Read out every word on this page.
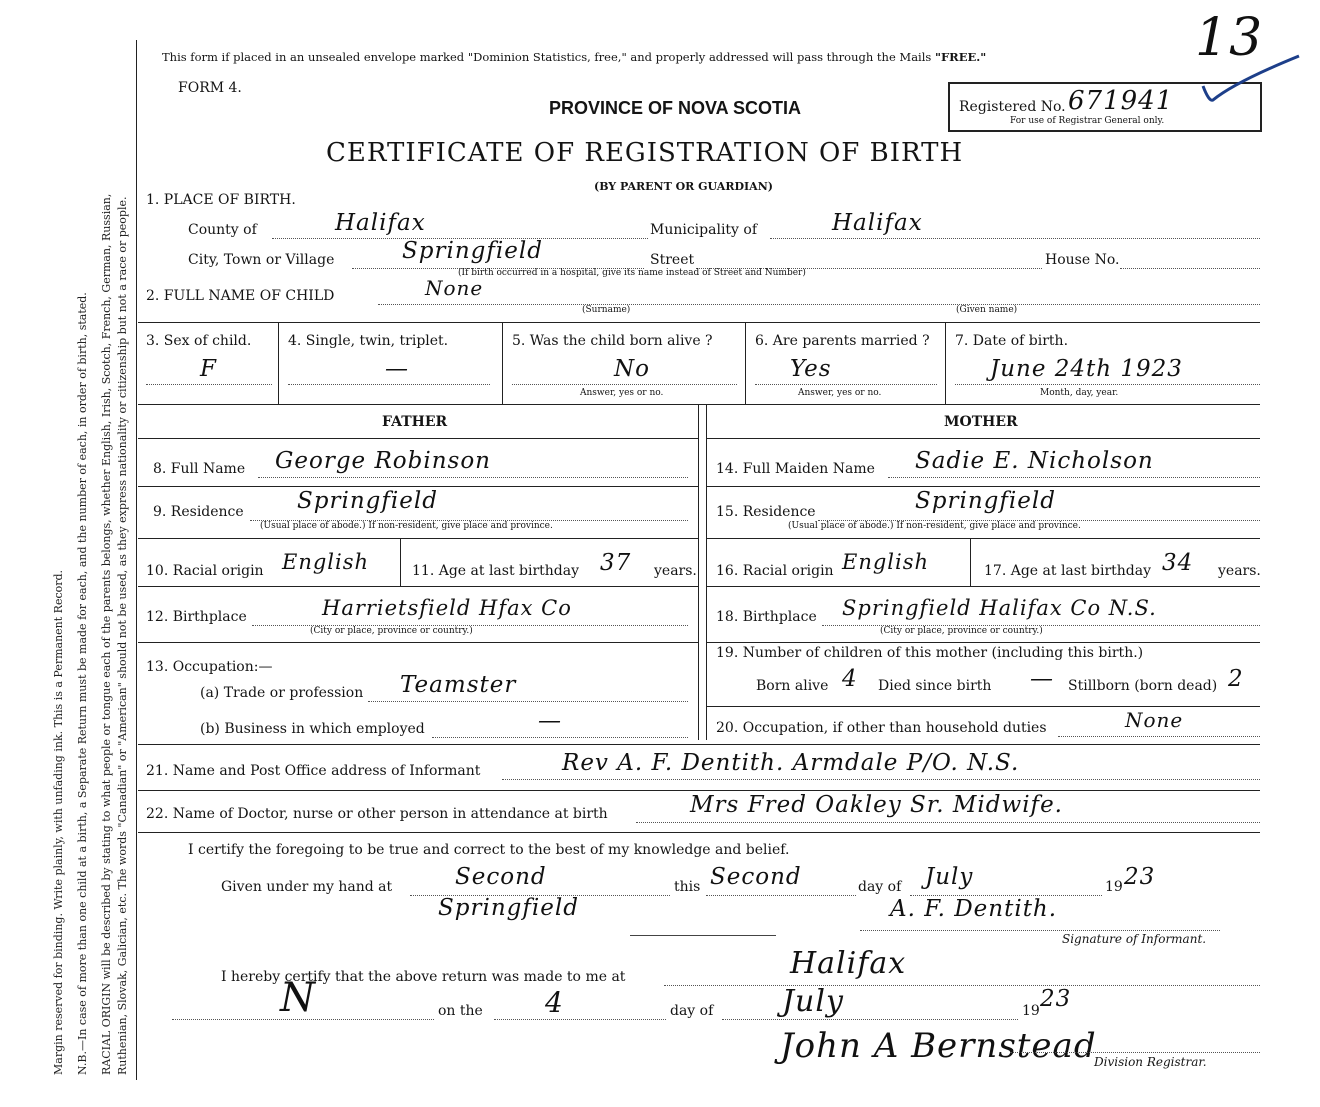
Margin reserved for binding. Write plainly, with unfading ink. This is a Permanent Record. N.B.—In case of more than one child at a birth, a Separate Return must be made for each, and the number of each, in order of birth, stated. RACIAL ORIGIN will be described by stating to what people or tongue each of the parents belongs, whether English, Irish, Scotch, French, German, Russian, Ruthenian, Slovak, Galician, etc. The words "Canadian" or "American" should not be used, as they express nationality or citizenship but not a race or people.
This form if placed in an unsealed envelope marked "Dominion Statistics, free," and properly addressed will pass through the Mails "FREE."
FORM 4.
PROVINCE OF NOVA SCOTIA
CERTIFICATE OF REGISTRATION OF BIRTH
(BY PARENT OR GUARDIAN)
Registered No. 671941
For use of Registrar General only.
13
1. PLACE OF BIRTH.
County of	Halifax	Municipality of	Halifax
City, Town or Village	Springfield	Street	House No.
(If birth occurred in a hospital, give its name instead of Street and Number)
2. FULL NAME OF CHILD	None
(Surname)	(Given name)
3. Sex of child.
F
4. Single, twin, triplet.
—
5. Was the child born alive ?
No
Answer, yes or no.
6. Are parents married ?
Yes
Answer, yes or no.
7. Date of birth.
June 24th 1923
Month, day, year.
FATHER	MOTHER
8. Full Name George Robinson
9. Residence Springfield
(Usual place of abode.) If non-resident, give place and province.
10. Racial origin English	11. Age at last birthday 37 years.
12. Birthplace	Harrietsfield Hfax Co
(City or place, province or country.)
13. Occupation:—
(a) Trade or profession Teamster
(b) Business in which employed	—
14. Full Maiden Name Sadie E. Nicholson
15. Residence	Springfield
(Usual place of abode.) If non-resident, give place and province.
16. Racial origin English	17. Age at last birthday 34 years.
18. Birthplace Springfield Halifax Co N.S.
(City or place, province or country.)
19. Number of children of this mother (including this birth.)
Born alive 4 Died since birth — Stillborn (born dead) 2
20. Occupation, if other than household duties	None
21. Name and Post Office address of Informant	Rev A. F. Dentith. Armdale P/O. N.S.
22. Name of Doctor, nurse or other person in attendance at birth	Mrs Fred Oakley Sr. Midwife.
I certify the foregoing to be true and correct to the best of my knowledge and belief.
Given under my hand at	Second
Springfield
this Second	day of July	19 23
A. F. Dentith.
Signature of Informant.
I hereby certify that the above return was made to me at	Halifax
N	on the 4	day of July	19 23
John A Bernstead
Division Registrar.
